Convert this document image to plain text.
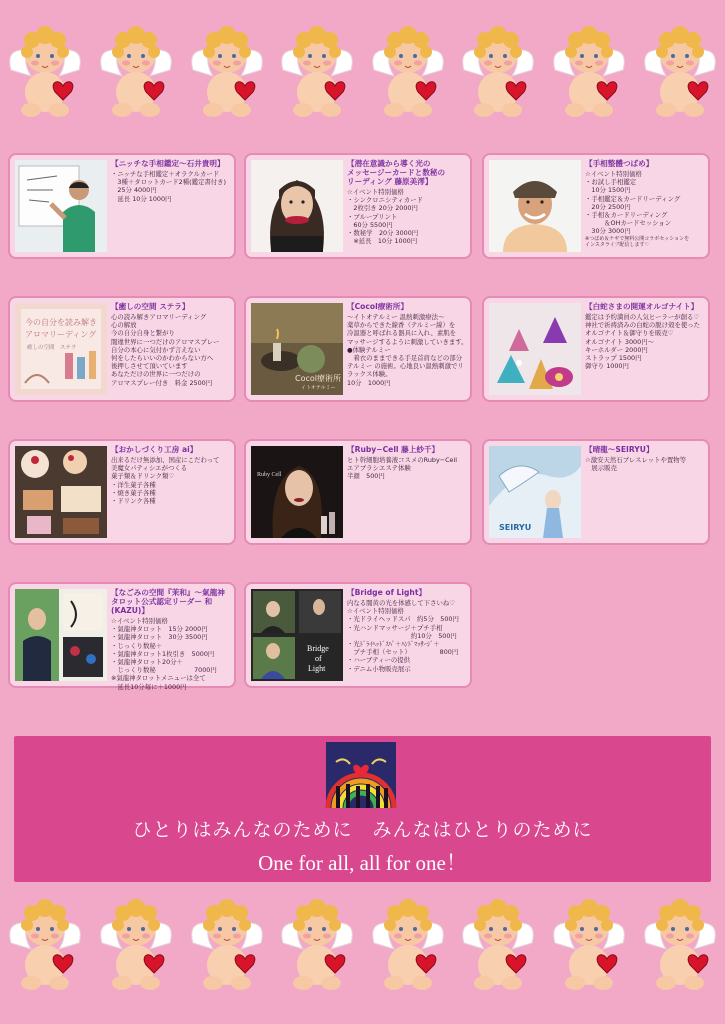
【ニッチな手相鑑定～石井貴明】
・ニッチな手相鑑定＋オラクルカード
　3種＋タロットカード2種(鑑定書付き)
　25分 4000円
　延長 10分 1000円
【潜在意識から導く光の
メッセージーカードと数秘の
リーディング 藤原美澪】
☆イベント特別価格
・シンクロニシティカード
　2枚引き 20分 2000円
・ブループリント
　60分 5500円
・数秘学　20分 3000円
　※延長　10分 1000円
【手相整體つばめ】
☆イベント特別価格
・お試し手相鑑定
　10分 1500円
・手相鑑定＆カードリーディング
　20分 2500円
・手相＆カードリーディング
　　　＆OHカードセッション
　30分 3000円
※つばめ＆ナギで無料公開コラボセッションを
インスタライブ配信します♡
今の自分を読み解き
アロマリーディング
癒しの空間　ステラ
【癒しの空間 ステラ】
心の読み解きアロマリーディング
心の解放
今の自分自身と繋がり
闇違世界に一つだけのアロマスプレー
自分の本心に気付かず言えない
何をしたらいいのかわからない方へ
後押しさせて頂いています
あなただけの世界に一つだけの
アロマスプレー付き　料金 2500円	Cocol療術所
イトオテルミー
【Cocol療術所】
～イトオテルミー 温熱刺激療法～
薬草からできた線香（テルミー線）を
冷温器と呼ばれる器具に入れ、素肌を
マッサージするように刺激していきます。
●体験テルミー
　着衣のままできる手足首肩などの部分
テルミー の施術。心地良い温熱刺激でリ
ラックス体験。
10分　1000円
【白蛇さまの開運オルゴナイト】
鑑定は予約満員の人気ヒーラーが創る♡
神社で祈祷済みの白蛇の脱け殻を使った
オルゴナイト＆御守りを販売♡
オルゴナイト 3000円～
キーホルダー 2000円
ストラップ 1500円
御守り 1000円
【おかしづくり工房 ai】
出来るだけ無添加、国産にこだわって
美魔女パティシエがつくる
菓子類＆ドリンク類♡
・洋生菓子各種
・焼き菓子各種
・ドリンク各種
Ruby Cell
【Ruby−Cell 藤上紗千】
ヒト幹細胞培養液コスメのRuby−Cell
エアブラシエステ体験
半顔　500円
SEIRYU
【晴龍～SEIRYU】
☆激安天然石ブレスレットや置物等
　展示販売
【なごみの空間『茉和』～氣龍神
タロット公式認定リーダー 和(KAZU)】
☆イベント特別価格
・氣龍神タロット　15分 2000円
・氣龍神タロット　30分 3500円
・じっくり数秘＋
・氣龍神タロット1枚引き　5000円
・氣龍神タロット20分＋
　じっくり数秘　　　　　　7000円
※氣龍神タロットメニューは全て
　延長10分毎に＋1000円
Bridge
of
Light
【Bridge of Light】
内なる闇黄の光を体感して下さいね♡
☆イベント特別価格
・光ドライヘッドスパ　約5分　500円
・光ハンドマッサージ＋プチ手相
　　　　　　　　　　約10分　500円
・光ﾄﾞﾗｲﾍｯﾄﾞｽﾊﾟ＋ﾊﾝﾄﾞﾏｯｻｰｼﾞ＋
　プチ手相（セット）　　　　　800円
・ハーブティーの提供
・デニム小物販売展示
ひとりはみんなのために　みんなはひとりのために
One for all, all for one！
